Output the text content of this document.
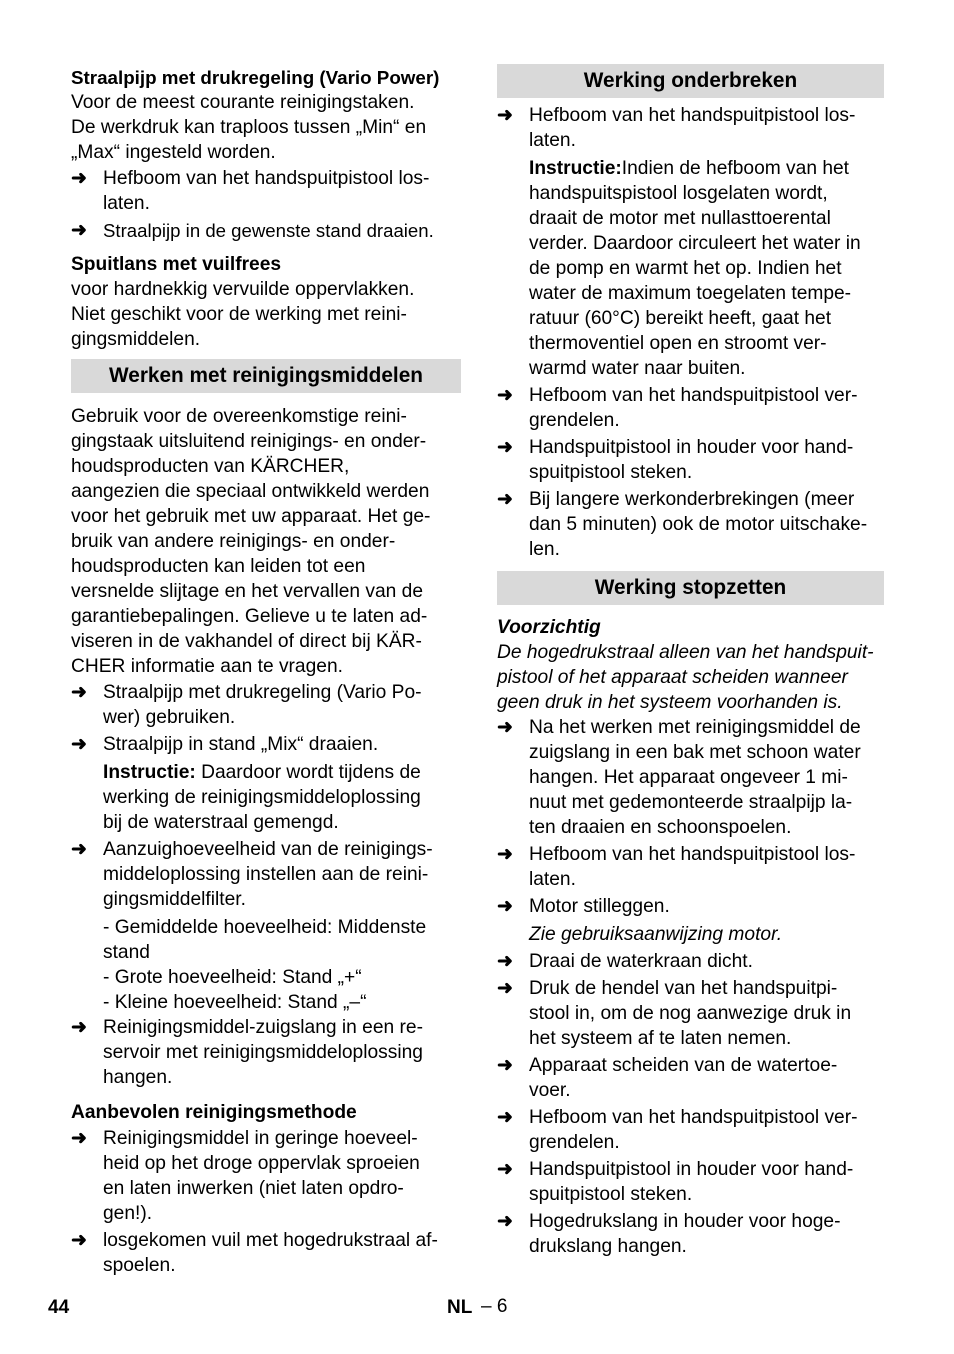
Straalpijp met drukregeling (Vario Power)
Voor de meest courante reinigingstaken.
De werkdruk kan traploos tussen „Min“ en
„Max“ ingesteld worden.
➜ Hefboom van het handspuitpistool los-
laten.
➜ Straalpijp in de gewenste stand draaien.
Spuitlans met vuilfrees
voor hardnekkig vervuilde oppervlakken.
Niet geschikt voor de werking met reini-
gingsmiddelen.
Werken met reinigingsmiddelen
Gebruik voor de overeenkomstige reini-
gingstaak uitsluitend reinigings- en onder-
houdsproducten van KÄRCHER,
aangezien die speciaal ontwikkeld werden
voor het gebruik met uw apparaat. Het ge-
bruik van andere reinigings- en onder-
houdsproducten kan leiden tot een
versnelde slijtage en het vervallen van de
garantiebepalingen. Gelieve u te laten ad-
viseren in de vakhandel of direct bij KÄR-
CHER informatie aan te vragen.
➜ Straalpijp met drukregeling (Vario Po-
wer) gebruiken.
➜ Straalpijp in stand „Mix“ draaien.
Instructie: Daardoor wordt tijdens de
werking de reinigingsmiddeloplossing
bij de waterstraal gemengd.
➜ Aanzuighoeveelheid van de reinigings-
middeloplossing instellen aan de reini-
gingsmiddelfilter.
- Gemiddelde hoeveelheid: Middenste
stand
- Grote hoeveelheid: Stand „+“
- Kleine hoeveelheid: Stand „–“
➜ Reinigingsmiddel-zuigslang in een re-
servoir met reinigingsmiddeloplossing
hangen.
Aanbevolen reinigingsmethode
➜ Reinigingsmiddel in geringe hoeveel-
heid op het droge oppervlak sproeien
en laten inwerken (niet laten opdro-
gen!).
➜ losgekomen vuil met hogedrukstraal af-
spoelen.
Werking onderbreken
➜ Hefboom van het handspuitpistool los-
laten.
Instructie:Indien de hefboom van het
handspuitspistool losgelaten wordt,
draait de motor met nullasttoerental
verder. Daardoor circuleert het water in
de pomp en warmt het op. Indien het
water de maximum toegelaten tempe-
ratuur (60°C) bereikt heeft, gaat het
thermoventiel open en stroomt ver-
warmd water naar buiten.
➜ Hefboom van het handspuitpistool ver-
grendelen.
➜ Handspuitpistool in houder voor hand-
spuitpistool steken.
➜ Bij langere werkonderbrekingen (meer
dan 5 minuten) ook de motor uitschake-
len.
Werking stopzetten
Voorzichtig
De hogedrukstraal alleen van het handspuit-
pistool of het apparaat scheiden wanneer
geen druk in het systeem voorhanden is.
➜ Na het werken met reinigingsmiddel de
zuigslang in een bak met schoon water
hangen. Het apparaat ongeveer 1 mi-
nuut met gedemonteerde straalpijp la-
ten draaien en schoonspoelen.
➜ Hefboom van het handspuitpistool los-
laten.
➜ Motor stilleggen.
Zie gebruiksaanwijzing motor.
➜ Draai de waterkraan dicht.
➜ Druk de hendel van het handspuitpi-
stool in, om de nog aanwezige druk in
het systeem af te laten nemen.
➜ Apparaat scheiden van de watertoe-
voer.
➜ Hefboom van het handspuitpistool ver-
grendelen.
➜ Handspuitpistool in houder voor hand-
spuitpistool steken.
➜ Hogedrukslang in houder voor hoge-
drukslang hangen.
44	NL – 6
